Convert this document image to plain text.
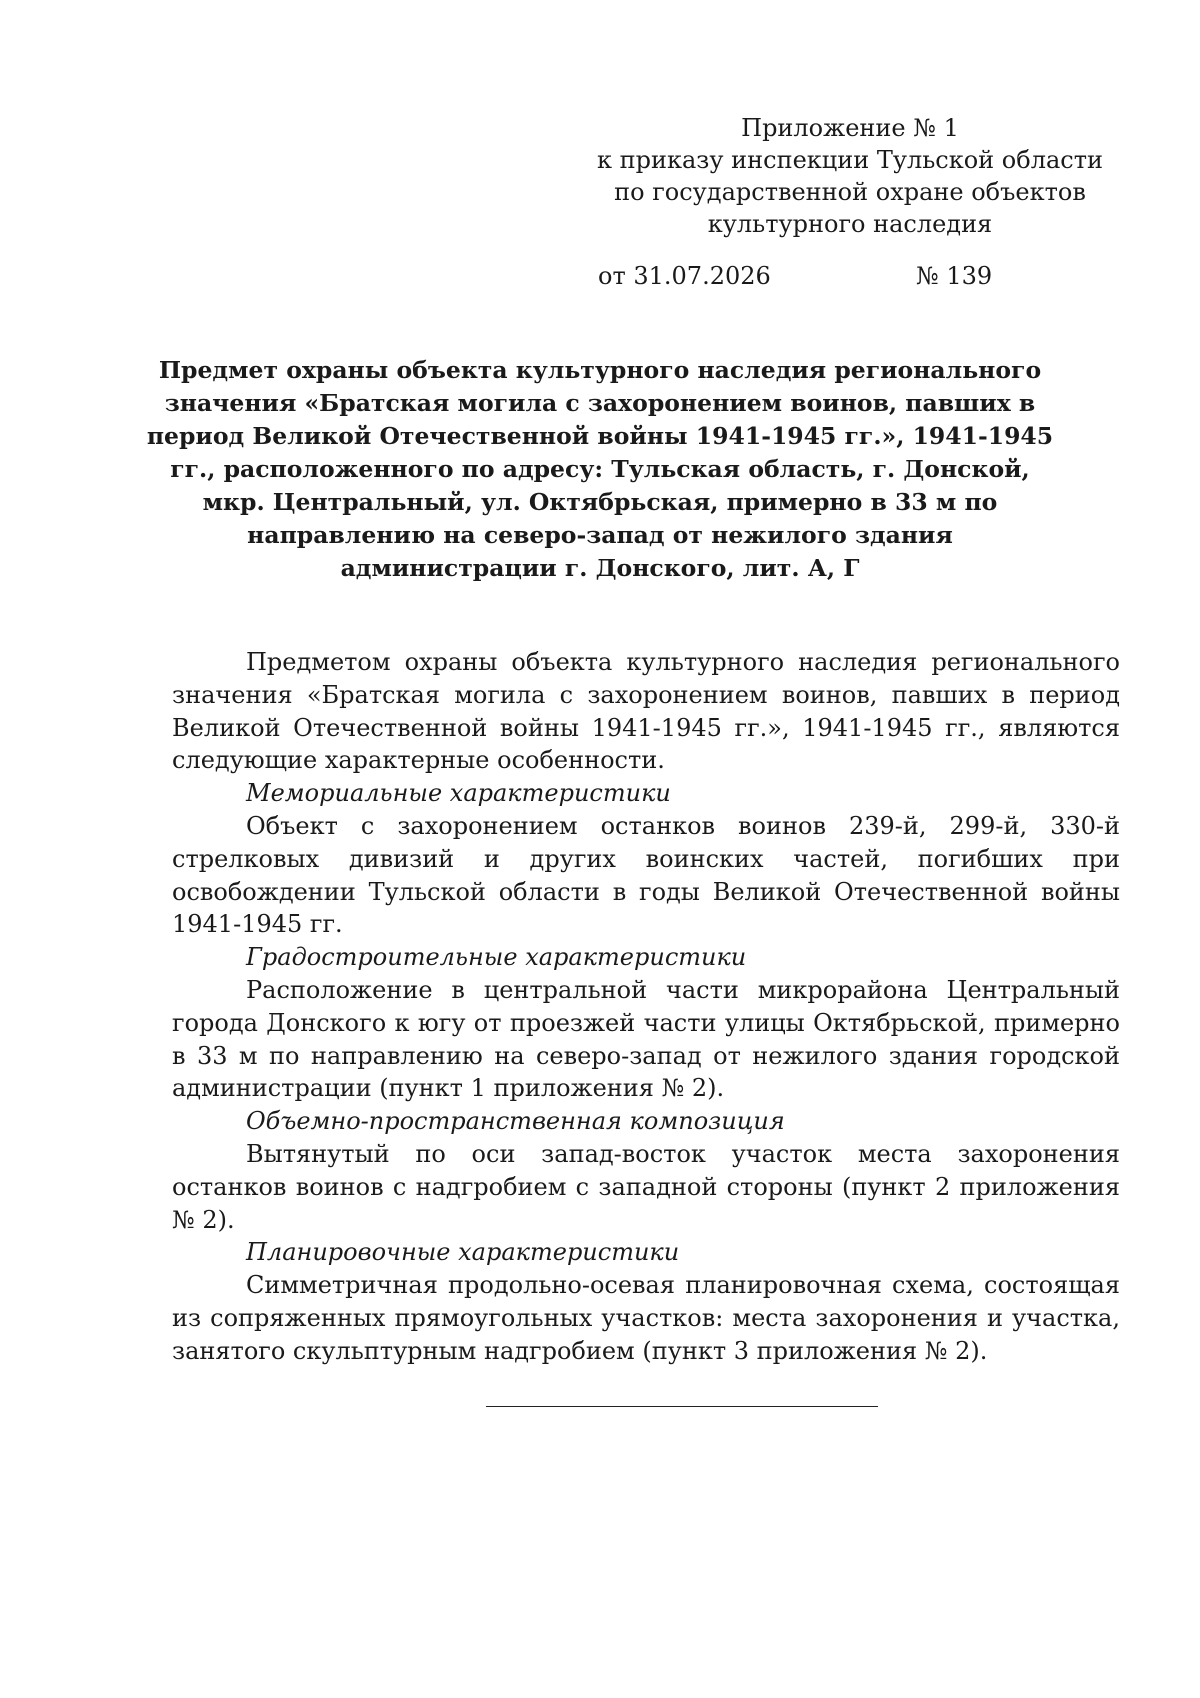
Приложение № 1
к приказу инспекции Тульской области
по государственной охране объектов
культурного наследия
от 31.07.2026	№ 139
Предмет охраны объекта культурного наследия регионального значения «Братская могила с захоронением воинов, павших в период Великой Отечественной войны 1941-1945 гг.», 1941-1945 гг., расположенного по адресу: Тульская область, г. Донской, мкр. Центральный, ул. Октябрьская, примерно в 33 м по направлению на северо-запад от нежилого здания администрации г. Донского, лит. А, Г

Предметом охраны объекта культурного наследия регионального значения «Братская могила с захоронением воинов, павших в период Великой Отечественной войны 1941-1945 гг.», 1941-1945 гг., являются следующие характерные особенности.

Мемориальные характеристики

Объект с захоронением останков воинов 239-й, 299-й, 330-й стрелковых дивизий и других воинских частей, погибших при освобождении Тульской области в годы Великой Отечественной войны 1941-1945 гг.

Градостроительные характеристики

Расположение в центральной части микрорайона Центральный города Донского к югу от проезжей части улицы Октябрьской, примерно в 33 м по направлению на северо-запад от нежилого здания городской администрации (пункт 1 приложения № 2).

Объемно-пространственная композиция

Вытянутый по оси запад-восток участок места захоронения останков воинов с надгробием с западной стороны (пункт 2 приложения № 2).

Планировочные характеристики

Симметричная продольно-осевая планировочная схема, состоящая из сопряженных прямоугольных участков: места захоронения и участка, занятого скульптурным надгробием (пункт 3 приложения № 2).
